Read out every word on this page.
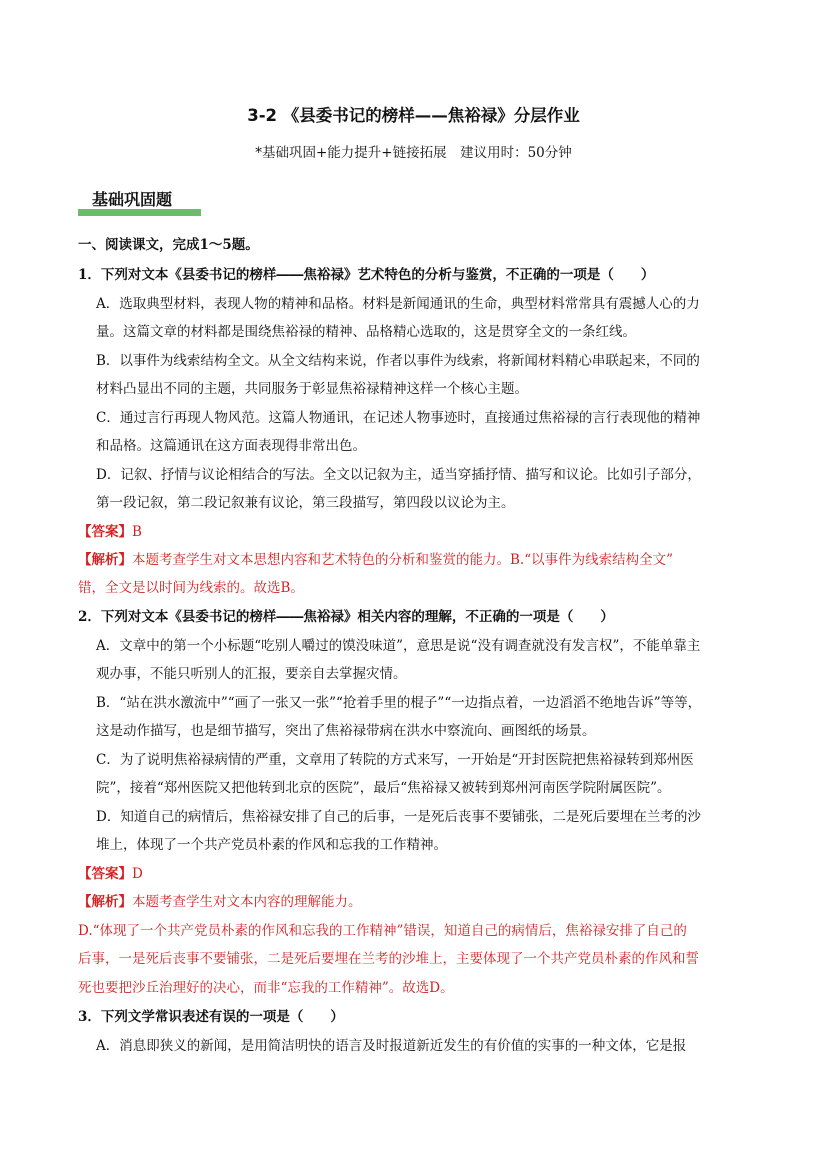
3-2 《县委书记的榜样——焦裕禄》分层作业
*基础巩固+能力提升+链接拓展　建议用时：50分钟
基础巩固题
一、阅读课文，完成1～5题。
1．下列对文本《县委书记的榜样――焦裕禄》艺术特色的分析与鉴赏，不正确的一项是（　　）
A．选取典型材料，表现人物的精神和品格。材料是新闻通讯的生命，典型材料常常具有震撼人心的力
量。这篇文章的材料都是围绕焦裕禄的精神、品格精心选取的，这是贯穿全文的一条红线。
B．以事件为线索结构全文。从全文结构来说，作者以事件为线索，将新闻材料精心串联起来，不同的
材料凸显出不同的主题，共同服务于彰显焦裕禄精神这样一个核心主题。
C．通过言行再现人物风范。这篇人物通讯，在记述人物事迹时，直接通过焦裕禄的言行表现他的精神
和品格。这篇通讯在这方面表现得非常出色。
D．记叙、抒情与议论相结合的写法。全文以记叙为主，适当穿插抒情、描写和议论。比如引子部分，
第一段记叙，第二段记叙兼有议论，第三段描写，第四段以议论为主。
【答案】B
【解析】本题考查学生对文本思想内容和艺术特色的分析和鉴赏的能力。B.“以事件为线索结构全文”
错，全文是以时间为线索的。故选B。
2．下列对文本《县委书记的榜样――焦裕禄》相关内容的理解，不正确的一项是（　　）
A．文章中的第一个小标题“吃别人嚼过的馍没味道”，意思是说“没有调查就没有发言权”，不能单靠主
观办事，不能只听别人的汇报，要亲自去掌握灾情。
B．“站在洪水激流中”“画了一张又一张”“抢着手里的棍子”“一边指点着，一边滔滔不绝地告诉”等等，
这是动作描写，也是细节描写，突出了焦裕禄带病在洪水中察流向、画图纸的场景。
C．为了说明焦裕禄病情的严重，文章用了转院的方式来写，一开始是“开封医院把焦裕禄转到郑州医
院”，接着“郑州医院又把他转到北京的医院”，最后“焦裕禄又被转到郑州河南医学院附属医院”。
D．知道自己的病情后，焦裕禄安排了自己的后事，一是死后丧事不要铺张，二是死后要埋在兰考的沙
堆上，体现了一个共产党员朴素的作风和忘我的工作精神。
【答案】D
【解析】本题考查学生对文本内容的理解能力。
D.“体现了一个共产党员朴素的作风和忘我的工作精神”错误，知道自己的病情后，焦裕禄安排了自己的
后事，一是死后丧事不要铺张，二是死后要埋在兰考的沙堆上，主要体现了一个共产党员朴素的作风和誓
死也要把沙丘治理好的决心，而非“忘我的工作精神”。故选D。
3．下列文学常识表述有误的一项是（　　）
A．消息即狭义的新闻，是用简洁明快的语言及时报道新近发生的有价值的实事的一种文体，它是报
